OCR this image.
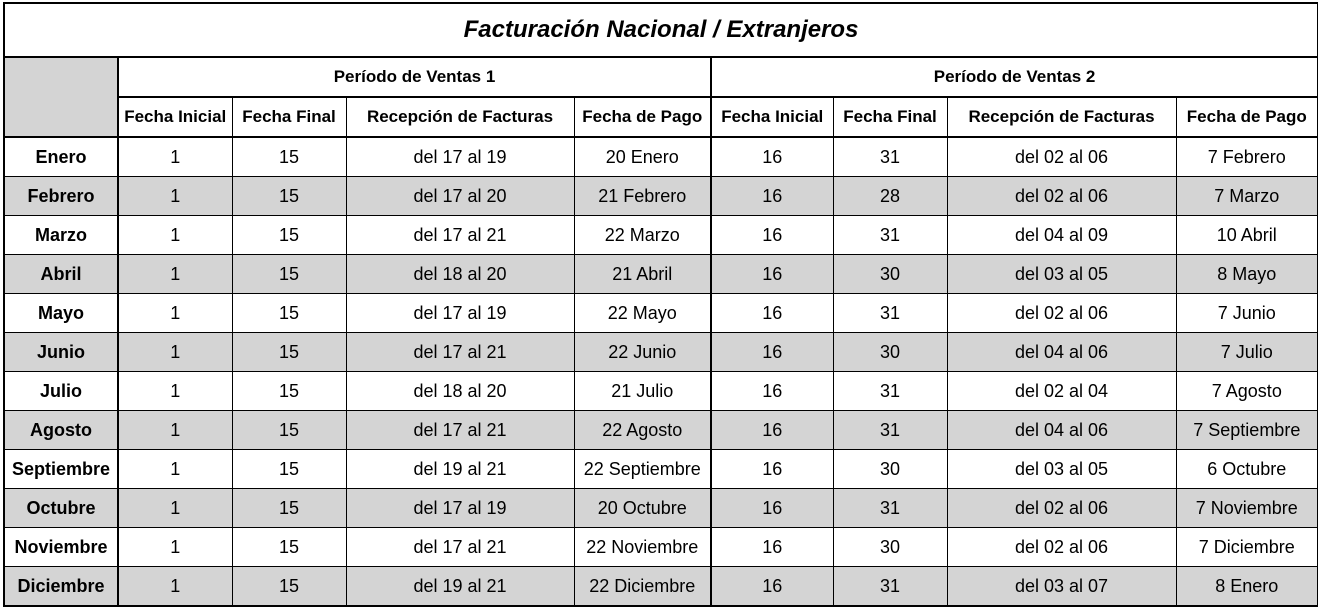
Facturación Nacional / Extranjeros								
	Período de Ventas 1				Período de Ventas 2			
	Fecha Inicial	Fecha Final	Recepción de Facturas	Fecha de Pago	Fecha Inicial	Fecha Final	Recepción de Facturas	Fecha de Pago
Enero	1	15	del 17 al 19	20 Enero	16	31	del 02 al 06	7 Febrero
Febrero	1	15	del 17 al 20	21 Febrero	16	28	del 02 al 06	7 Marzo
Marzo	1	15	del 17 al 21	22 Marzo	16	31	del 04 al 09	10 Abril
Abril	1	15	del 18 al 20	21 Abril	16	30	del 03 al 05	8 Mayo
Mayo	1	15	del 17 al 19	22 Mayo	16	31	del 02 al 06	7 Junio
Junio	1	15	del 17 al 21	22 Junio	16	30	del 04 al 06	7 Julio
Julio	1	15	del 18 al 20	21 Julio	16	31	del 02 al 04	7 Agosto
Agosto	1	15	del 17 al 21	22 Agosto	16	31	del 04 al 06	7 Septiembre
Septiembre	1	15	del 19 al 21	22 Septiembre	16	30	del 03 al 05	6 Octubre
Octubre	1	15	del 17 al 19	20 Octubre	16	31	del 02 al 06	7 Noviembre
Noviembre	1	15	del 17 al 21	22 Noviembre	16	30	del 02 al 06	7 Diciembre
Diciembre	1	15	del 19 al 21	22 Diciembre	16	31	del 03 al 07	8 Enero
